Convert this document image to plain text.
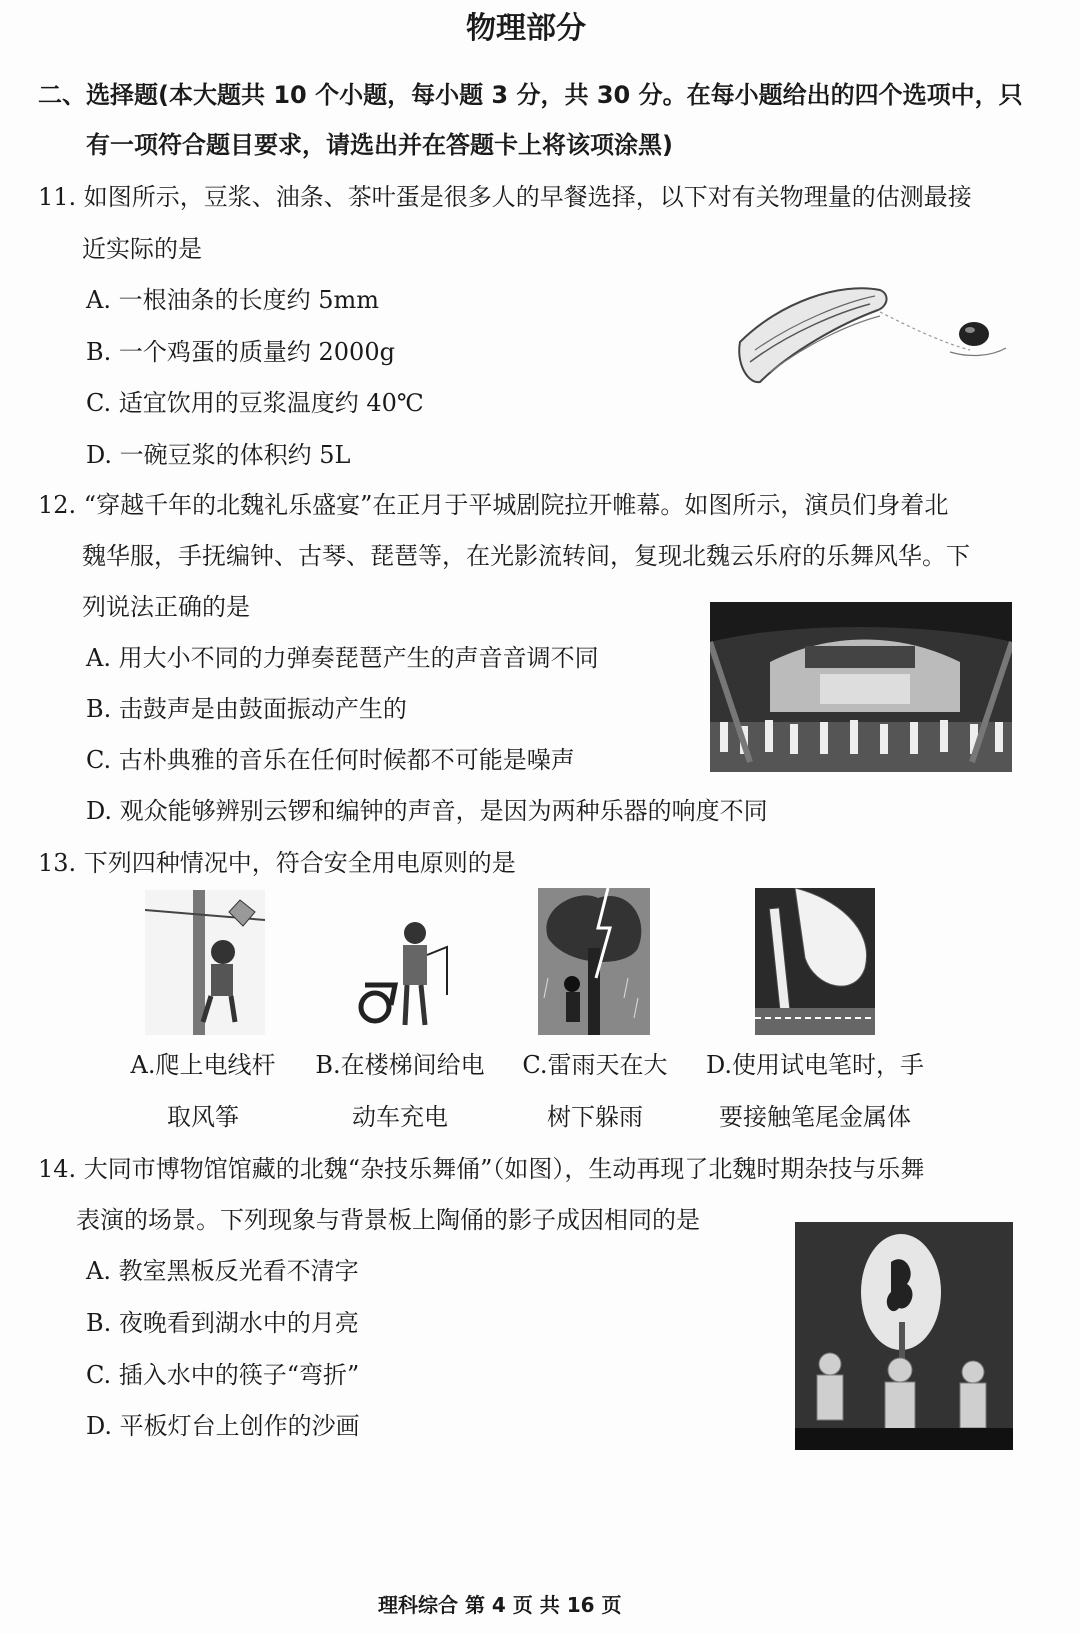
物理部分
二、选择题(本大题共 10 个小题，每小题 3 分，共 30 分。在每小题给出的四个选项中，只
有一项符合题目要求，请选出并在答题卡上将该项涂黑)
11. 如图所示，豆浆、油条、茶叶蛋是很多人的早餐选择，以下对有关物理量的估测最接
近实际的是
A. 一根油条的长度约 5mm
B. 一个鸡蛋的质量约 2000g
C. 适宜饮用的豆浆温度约 40℃
D. 一碗豆浆的体积约 5L
12. “穿越千年的北魏礼乐盛宴”在正月于平城剧院拉开帷幕。如图所示，演员们身着北
魏华服，手抚编钟、古琴、琵琶等，在光影流转间，复现北魏云乐府的乐舞风华。下
列说法正确的是
A. 用大小不同的力弹奏琵琶产生的声音音调不同
B. 击鼓声是由鼓面振动产生的
C. 古朴典雅的音乐在任何时候都不可能是噪声
D. 观众能够辨别云锣和编钟的声音，是因为两种乐器的响度不同
13. 下列四种情况中，符合安全用电原则的是
A.爬上电线杆
取风筝
B.在楼梯间给电
动车充电
C.雷雨天在大
树下躲雨
D.使用试电笔时，手
要接触笔尾金属体
14. 大同市博物馆馆藏的北魏“杂技乐舞俑”（如图），生动再现了北魏时期杂技与乐舞
表演的场景。下列现象与背景板上陶俑的影子成因相同的是
A. 教室黑板反光看不清字
B. 夜晚看到湖水中的月亮
C. 插入水中的筷子“弯折”
D. 平板灯台上创作的沙画
理科综合 第 4 页 共 16 页
